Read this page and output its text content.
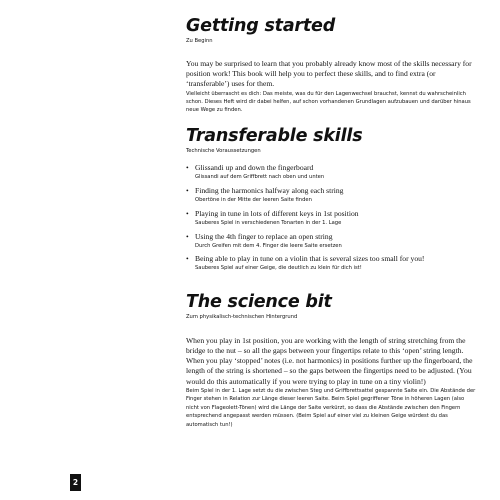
Getting started

Zu Beginn

You may be surprised to learn that you probably already know most of the skills necessary for position work! This book will help you to perfect these skills, and to find extra (or ‘transferable’) uses for them.

Vielleicht überrascht es dich: Das meiste, was du für den Lagenwechsel brauchst, kennst du wahrscheinlich schon. Dieses Heft wird dir dabei helfen, auf schon vorhandenen Grundlagen aufzubauen und darüber hinaus neue Wege zu finden.

Transferable skills

Technische Voraussetzungen

• Glissandi up and down the fingerboard

Glissandi auf dem Griffbrett nach oben und unten

• Finding the harmonics halfway along each string

Obertöne in der Mitte der leeren Saite finden

• Playing in tune in lots of different keys in 1st position

Sauberes Spiel in verschiedenen Tonarten in der 1. Lage

• Using the 4th finger to replace an open string

Durch Greifen mit dem 4. Finger die leere Saite ersetzen

• Being able to play in tune on a violin that is several sizes too small for you!

Sauberes Spiel auf einer Geige, die deutlich zu klein für dich ist!

The science bit

Zum physikalisch-technischen Hintergrund

When you play in 1st position, you are working with the length of string stretching from the bridge to the nut – so all the gaps between your fingertips relate to this ‘open’ string length. When you play ‘stopped’ notes (i.e. not harmonics) in positions further up the fingerboard, the length of the string is shortened – so the gaps between the fingertips need to be adjusted. (You would do this automatically if you were trying to play in tune on a tiny violin!)

Beim Spiel in der 1. Lage setzt du die zwischen Steg und Griffbrettsattel gespannte Saite ein. Die Abstände der Finger stehen in Relation zur Länge dieser leeren Saite. Beim Spiel gegriffener Töne in höheren Lagen (also nicht von Flageolett-Tönen) wird die Länge der Saite verkürzt, so dass die Abstände zwischen den Fingern entsprechend angepasst werden müssen. (Beim Spiel auf einer viel zu kleinen Geige würdest du das automatisch tun!)

2
